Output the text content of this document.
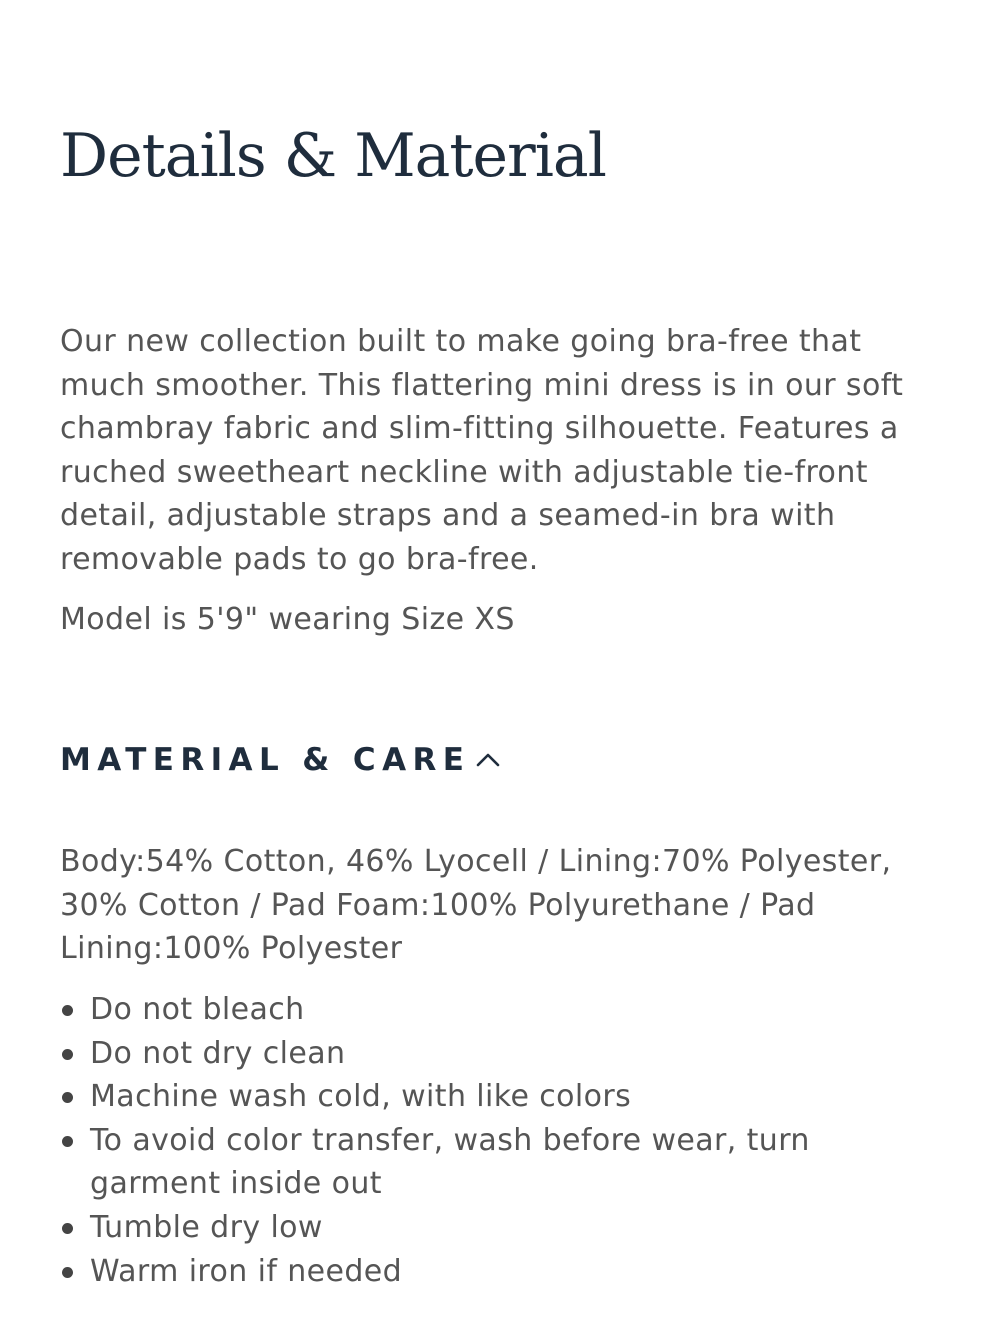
Details & Material

Our new collection built to make going bra-free that much smoother. This flattering mini dress is in our soft chambray fabric and slim-fitting silhouette. Features a ruched sweetheart neckline with adjustable tie-front detail, adjustable straps and a seamed-in bra with removable pads to go bra-free.

Model is 5'9" wearing Size XS

MATERIAL & CARE

Body:54% Cotton, 46% Lyocell / Lining:70% Polyester, 30% Cotton / Pad Foam:100% Polyurethane / Pad Lining:100% Polyester

Do not bleach
Do not dry clean
Machine wash cold, with like colors
To avoid color transfer, wash before wear, turn garment inside out
Tumble dry low
Warm iron if needed
